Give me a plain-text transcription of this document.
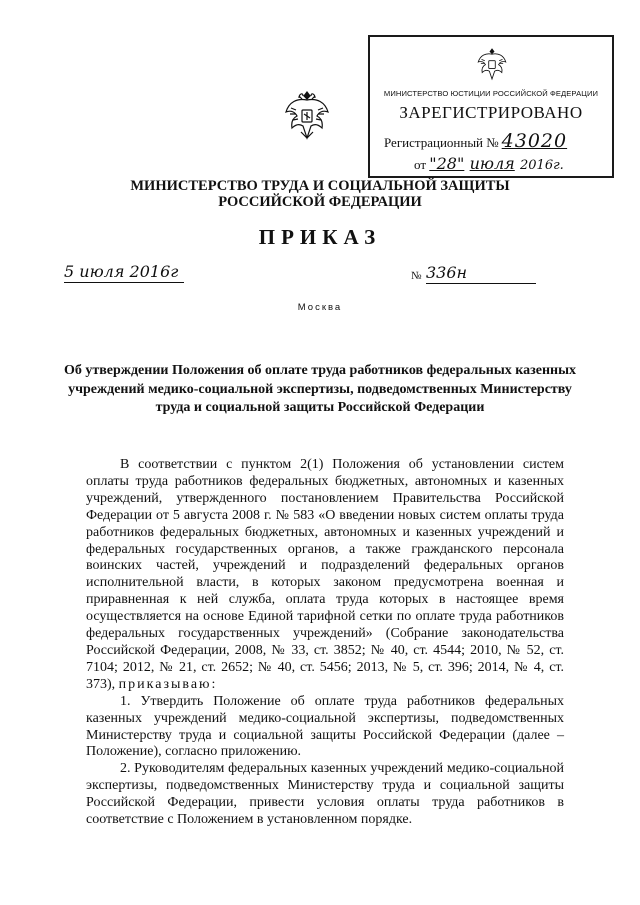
МИНИСТЕРСТВО ЮСТИЦИИ РОССИЙСКОЙ ФЕДЕРАЦИИ
ЗАРЕГИСТРИРОВАНО
Регистрационный № 43020
от "28" июля 2016г.
МИНИСТЕРСТВО ТРУДА И СОЦИАЛЬНОЙ ЗАЩИТЫ
РОССИЙСКОЙ ФЕДЕРАЦИИ
ПРИКАЗ
5 июля 2016г	№ 336н
Москва
Об утверждении Положения об оплате труда работников федеральных казенных учреждений медико-социальной экспертизы, подведомственных Министерству труда и социальной защиты Российской Федерации

В соответствии с пунктом 2(1) Положения об установлении систем оплаты труда работников федеральных бюджетных, автономных и казенных учреждений, утвержденного постановлением Правительства Российской Федерации от 5 августа 2008 г. № 583 «О введении новых систем оплаты труда работников федеральных бюджетных, автономных и казенных учреждений и федеральных государственных органов, а также гражданского персонала воинских частей, учреждений и подразделений федеральных органов исполнительной власти, в которых законом предусмотрена военная и приравненная к ней служба, оплата труда которых в настоящее время осуществляется на основе Единой тарифной сетки по оплате труда работников федеральных государственных учреждений» (Собрание законодательства Российской Федерации, 2008, № 33, ст. 3852; № 40, ст. 4544; 2010, № 52, ст. 7104; 2012, № 21, ст. 2652; № 40, ст. 5456; 2013, № 5, ст. 396; 2014, № 4, ст. 373), приказываю:

1. Утвердить Положение об оплате труда работников федеральных казенных учреждений медико-социальной экспертизы, подведомственных Министерству труда и социальной защиты Российской Федерации (далее – Положение), согласно приложению.

2. Руководителям федеральных казенных учреждений медико-социальной экспертизы, подведомственных Министерству труда и социальной защиты Российской Федерации, привести условия оплаты труда работников в соответствие с Положением в установленном порядке.
